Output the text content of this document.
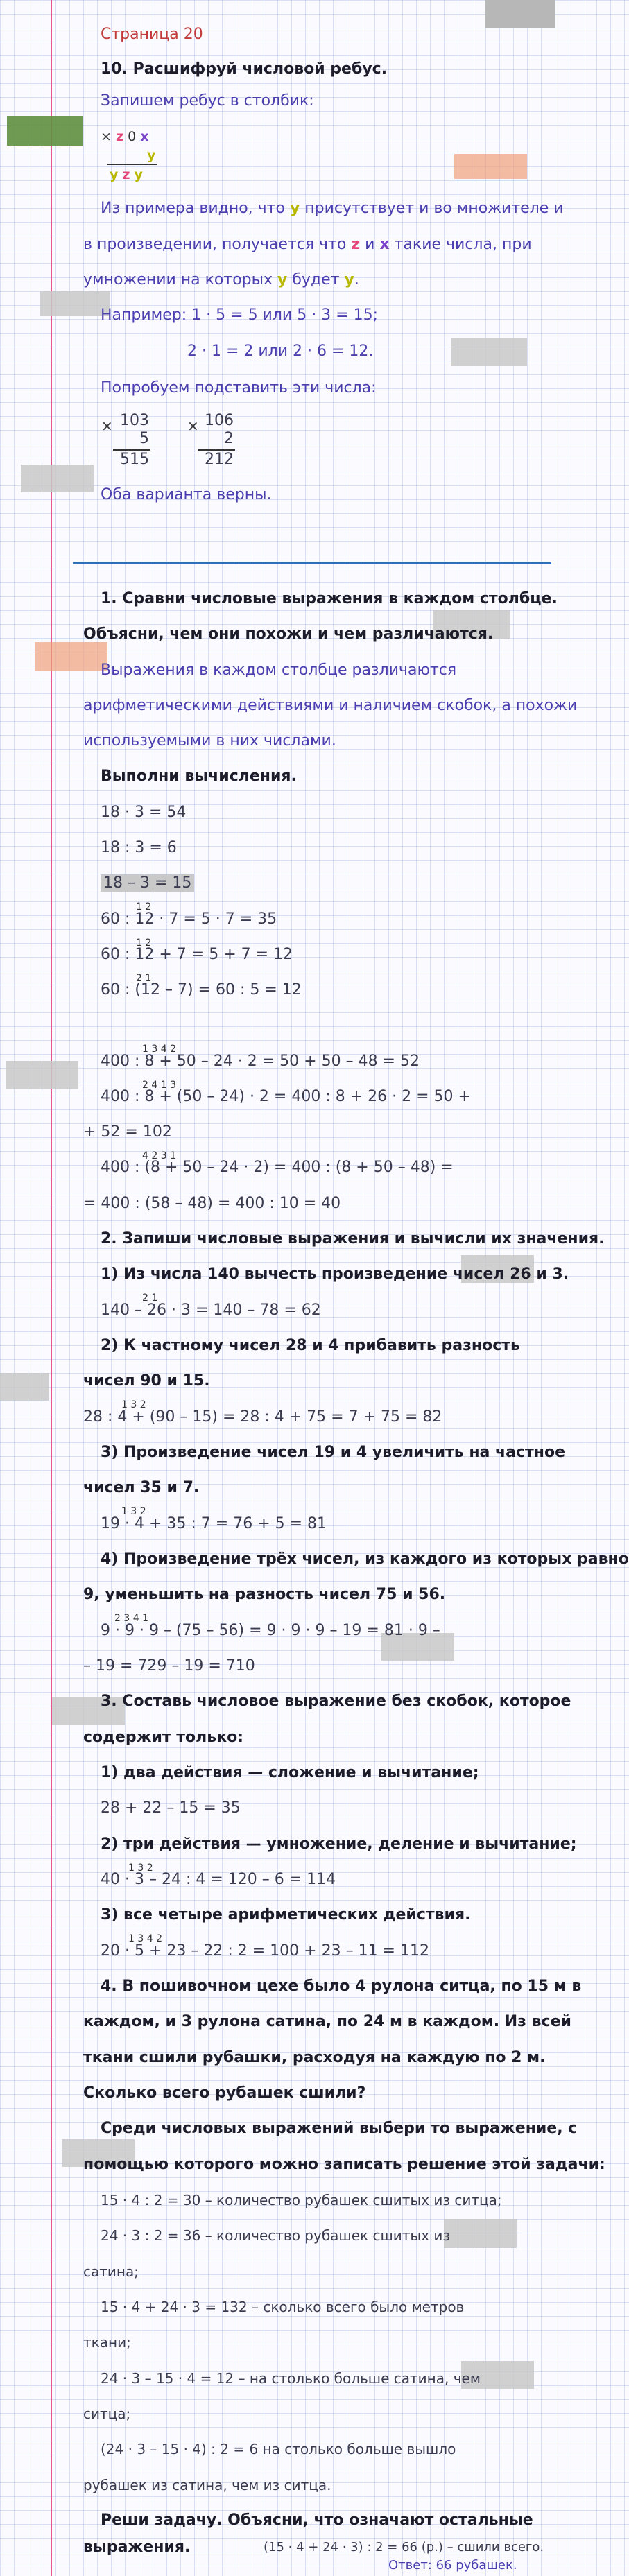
Страница 20
10. Расшифруй числовой ребус.
Запишем ребус в столбик:
× z 0 x
y
y z y
Из примера видно, что y присутствует и во множителе и
в произведении, получается что z и x такие числа, при
умножении на которых y будет y.
Например: 1 · 5 = 5 или 5 · 3 = 15;
2 · 1 = 2 или 2 · 6 = 12.
Попробуем подставить эти числа:
× 103
5
515
× 106
2
212
Оба варианта верны.
1. Сравни числовые выражения в каждом столбце.
Объясни, чем они похожи и чем различаются.
Выражения в каждом столбце различаются
арифметическими действиями и наличием скобок, а похожи
используемыми в них числами.
Выполни вычисления.
18 · 3 = 54
18 : 3 = 6
18 – 3 = 15
1 2
60 : 12 · 7 = 5 · 7 = 35
1 2
60 : 12 + 7 = 5 + 7 = 12
2 1
60 : (12 – 7) = 60 : 5 = 12
1 3 4 2
400 : 8 + 50 – 24 · 2 = 50 + 50 – 48 = 52
2 4 1 3
400 : 8 + (50 – 24) · 2 = 400 : 8 + 26 · 2 = 50 +
+ 52 = 102
4 2 3 1
400 : (8 + 50 – 24 · 2) = 400 : (8 + 50 – 48) =
= 400 : (58 – 48) = 400 : 10 = 40
2. Запиши числовые выражения и вычисли их значения.
1) Из числа 140 вычесть произведение чисел 26 и 3.
2 1
140 – 26 · 3 = 140 – 78 = 62
2) К частному чисел 28 и 4 прибавить разность
чисел 90 и 15.
1 3 2
28 : 4 + (90 – 15) = 28 : 4 + 75 = 7 + 75 = 82
3) Произведение чисел 19 и 4 увеличить на частное
чисел 35 и 7.
1 3 2
19 · 4 + 35 : 7 = 76 + 5 = 81
4) Произведение трёх чисел, из каждого из которых равно
9, уменьшить на разность чисел 75 и 56.
2 3 4 1
9 · 9 · 9 – (75 – 56) = 9 · 9 · 9 – 19 = 81 · 9 –
– 19 = 729 – 19 = 710
3. Составь числовое выражение без скобок, которое
содержит только:
1) два действия — сложение и вычитание;
28 + 22 – 15 = 35
2) три действия — умножение, деление и вычитание;
1 3 2
40 · 3 – 24 : 4 = 120 – 6 = 114
3) все четыре арифметических действия.
1 3 4 2
20 · 5 + 23 – 22 : 2 = 100 + 23 – 11 = 112
4. В пошивочном цехе было 4 рулона ситца, по 15 м в
каждом, и 3 рулона сатина, по 24 м в каждом. Из всей
ткани сшили рубашки, расходуя на каждую по 2 м.
Сколько всего рубашек сшили?
Среди числовых выражений выбери то выражение, с
помощью которого можно записать решение этой задачи:
15 · 4 : 2 = 30 – количество рубашек сшитых из ситца;
24 · 3 : 2 = 36 – количество рубашек сшитых из
сатина;
15 · 4 + 24 · 3 = 132 – сколько всего было метров
ткани;
24 · 3 – 15 · 4 = 12 – на столько больше сатина, чем
ситца;
(24 · 3 – 15 · 4) : 2 = 6 на столько больше вышло
рубашек из сатина, чем из ситца.
Реши задачу. Объясни, что означают остальные
выражения.	(15 · 4 + 24 · 3) : 2 = 66 (р.) – сшили всего.
Ответ: 66 рубашек.
